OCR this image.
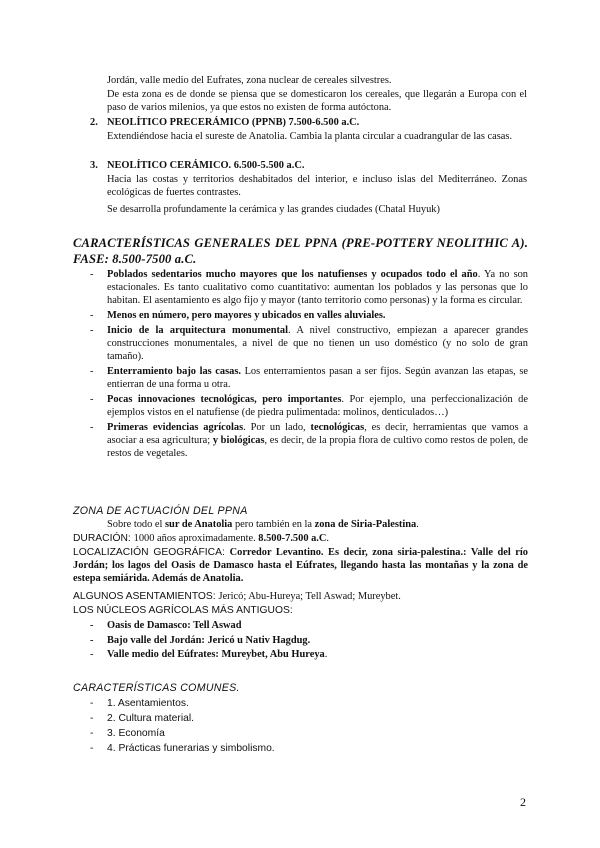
Jordán, valle medio del Eufrates, zona nuclear de cereales silvestres.
De esta zona es de donde se piensa que se domesticaron los cereales, que llegarán a Europa con el paso de varios milenios, ya que estos no existen de forma autóctona.
2. NEOLÍTICO PRECERÁMICO (PPNB) 7.500-6.500 a.C.
Extendiéndose hacia el sureste de Anatolia. Cambia la planta circular a cuadrangular de las casas.
3. NEOLÍTICO CERÁMICO. 6.500-5.500 a.C.
Hacia las costas y territorios deshabitados del interior, e incluso islas del Mediterráneo. Zonas ecológicas de fuertes contrastes.
Se desarrolla profundamente la cerámica y las grandes ciudades (Chatal Huyuk)
CARACTERÍSTICAS GENERALES DEL PPNA (PRE-POTTERY NEOLITHIC A). FASE: 8.500-7500 a.C.
- Poblados sedentarios mucho mayores que los natufienses y ocupados todo el año. Ya no son estacionales. Es tanto cualitativo como cuantitativo: aumentan los poblados y las personas que lo habitan. El asentamiento es algo fijo y mayor (tanto territorio como personas) y la forma es circular.
- Menos en número, pero mayores y ubicados en valles aluviales.
- Inicio de la arquitectura monumental. A nivel constructivo, empiezan a aparecer grandes construcciones monumentales, a nivel de que no tienen un uso doméstico (y no solo de gran tamaño).
- Enterramiento bajo las casas. Los enterramientos pasan a ser fijos. Según avanzan las etapas, se entierran de una forma u otra.
- Pocas innovaciones tecnológicas, pero importantes. Por ejemplo, una perfeccionalización de ejemplos vistos en el natufiense (de piedra pulimentada: molinos, denticulados…)
- Primeras evidencias agrícolas. Por un lado, tecnológicas, es decir, herramientas que vamos a asociar a esa agricultura; y biológicas, es decir, de la propia flora de cultivo como restos de polen, de restos de vegetales.
ZONA DE ACTUACIÓN DEL PPNA
Sobre todo el sur de Anatolia pero también en la zona de Siria-Palestina.
DURACIÓN: 1000 años aproximadamente. 8.500-7.500 a.C.
LOCALIZACIÓN GEOGRÁFICA: Corredor Levantino. Es decir, zona siria-palestina.: Valle del río Jordán; los lagos del Oasis de Damasco hasta el Eúfrates, llegando hasta las montañas y la zona de estepa semiárida. Además de Anatolia.
ALGUNOS ASENTAMIENTOS: Jericó; Abu-Hureya; Tell Aswad; Mureybet.
LOS NÚCLEOS AGRÍCOLAS MÁS ANTIGUOS:
- Oasis de Damasco: Tell Aswad
- Bajo valle del Jordán: Jericó u Nativ Hagdug.
- Valle medio del Eúfrates: Mureybet, Abu Hureya.
CARACTERÍSTICAS COMUNES.
- 1. Asentamientos.
- 2. Cultura material.
- 3. Economía
- 4. Prácticas funerarias y simbolismo.
2
